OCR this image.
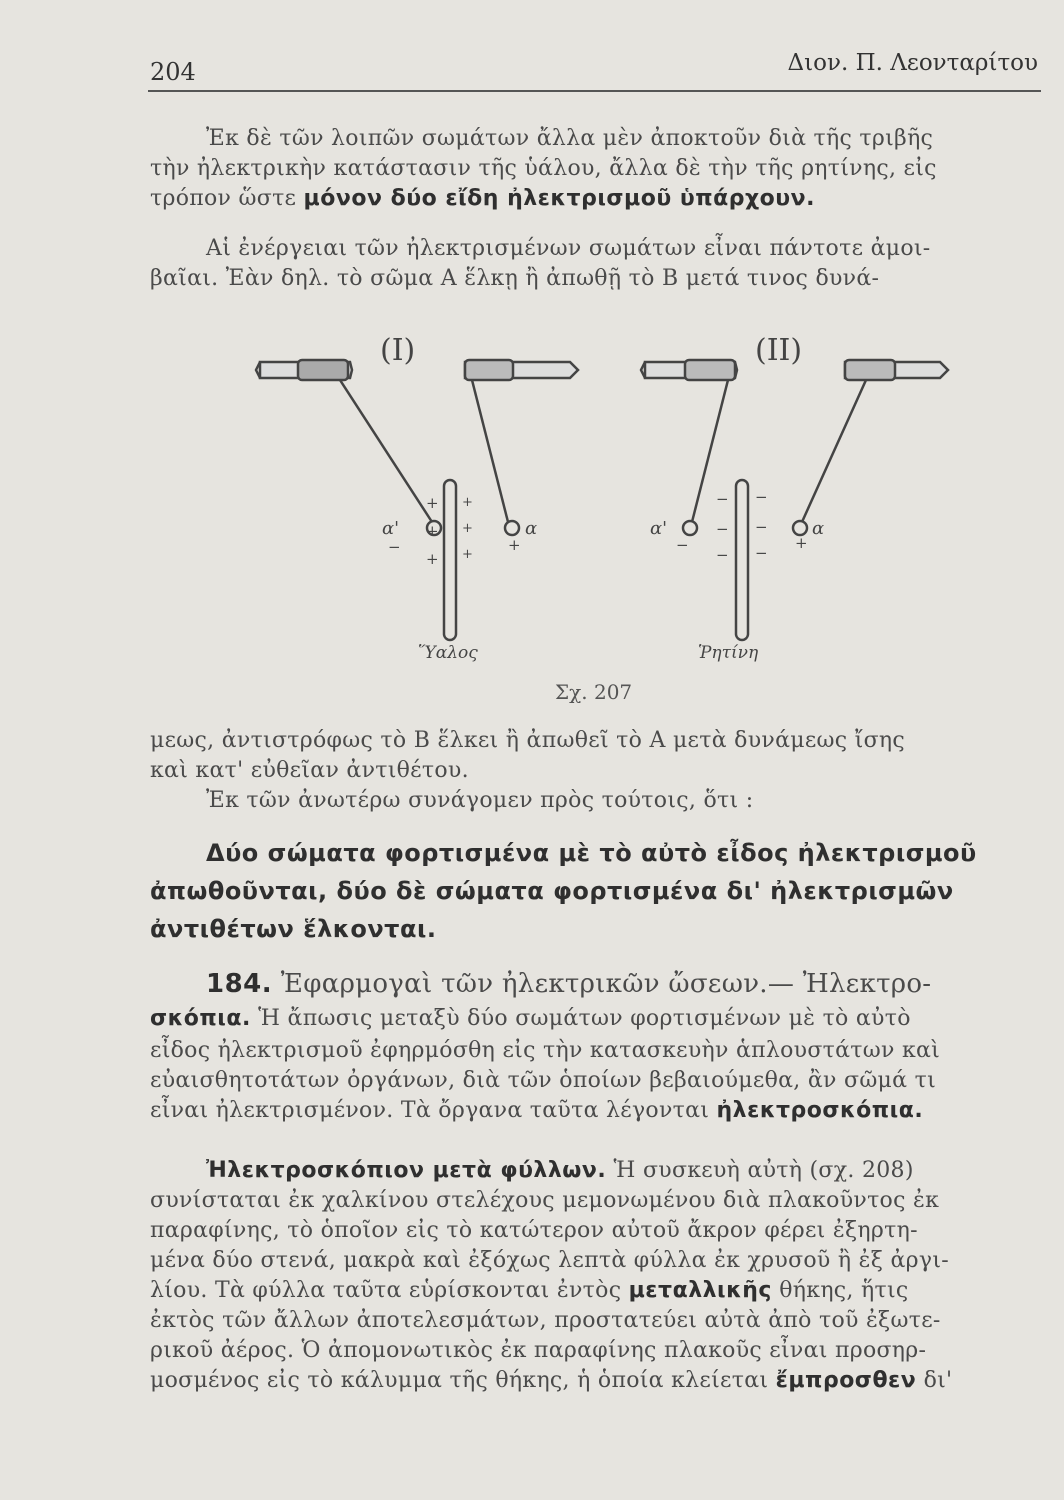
204	Διον. Π. Λεονταρίτου

Ἐκ δὲ τῶν λοιπῶν σωμάτων ἄλλα μὲν ἀποκτοῦν διὰ τῆς τριβῆς

τὴν ἠλεκτρικὴν κατάστασιν τῆς ὑάλου, ἄλλα δὲ τὴν τῆς ρητίνης, εἰς

τρόπον ὥστε μόνον δύο εἴδη ἠλεκτρισμοῦ ὑπάρχουν.

Αἱ ἐνέργειαι τῶν ἠλεκτρισμένων σωμάτων εἶναι πάντοτε ἀμοι-

βαῖαι. Ἐὰν δηλ. τὸ σῶμα Α ἕλκῃ ἢ ἀπωθῇ τὸ Β μετά τινος δυνά-

(I)	(II)
α'	α	α'	α
+
+
+
+
+
+
−	+
−
−
−
−
−
−
−	+
Ὕαλος	Ῥητίνη
Σχ. 207

μεως, ἀντιστρόφως τὸ Β ἕλκει ἢ ἀπωθεῖ τὸ Α μετὰ δυνάμεως ἴσης

καὶ κατ' εὐθεῖαν ἀντιθέτου.

Ἐκ τῶν ἀνωτέρω συνάγομεν πρὸς τούτοις, ὅτι :

Δύο σώματα φορτισμένα μὲ τὸ αὐτὸ εἶδος ἠλεκτρισμοῦ

ἀπωθοῦνται, δύο δὲ σώματα φορτισμένα δι' ἠλεκτρισμῶν

ἀντιθέτων ἕλκονται.

184. Ἐφαρμογαὶ τῶν ἠλεκτρικῶν ὤσεων.— Ἠλεκτρο-

σκόπια. Ἡ ἄπωσις μεταξὺ δύο σωμάτων φορτισμένων μὲ τὸ αὐτὸ

εἶδος ἠλεκτρισμοῦ ἐφηρμόσθη εἰς τὴν κατασκευὴν ἁπλουστάτων καὶ

εὐαισθητοτάτων ὀργάνων, διὰ τῶν ὁποίων βεβαιούμεθα, ἂν σῶμά τι

εἶναι ἠλεκτρισμένον. Τὰ ὄργανα ταῦτα λέγονται ἠλεκτροσκόπια.

Ἠλεκτροσκόπιον μετὰ φύλλων. Ἡ συσκευὴ αὐτὴ (σχ. 208)

συνίσταται ἐκ χαλκίνου στελέχους μεμονωμένου διὰ πλακοῦντος ἐκ

παραφίνης, τὸ ὁποῖον εἰς τὸ κατώτερον αὐτοῦ ἄκρον φέρει ἐξηρτη-

μένα δύο στενά, μακρὰ καὶ ἐξόχως λεπτὰ φύλλα ἐκ χρυσοῦ ἢ ἐξ ἀργι-

λίου. Τὰ φύλλα ταῦτα εὑρίσκονται ἐντὸς μεταλλικῆς θήκης, ἥτις

ἐκτὸς τῶν ἄλλων ἀποτελεσμάτων, προστατεύει αὐτὰ ἀπὸ τοῦ ἐξωτε-

ρικοῦ ἀέρος. Ὁ ἀπομονωτικὸς ἐκ παραφίνης πλακοῦς εἶναι προσηρ-

μοσμένος εἰς τὸ κάλυμμα τῆς θήκης, ἡ ὁποία κλείεται ἔμπροσθεν δι'
